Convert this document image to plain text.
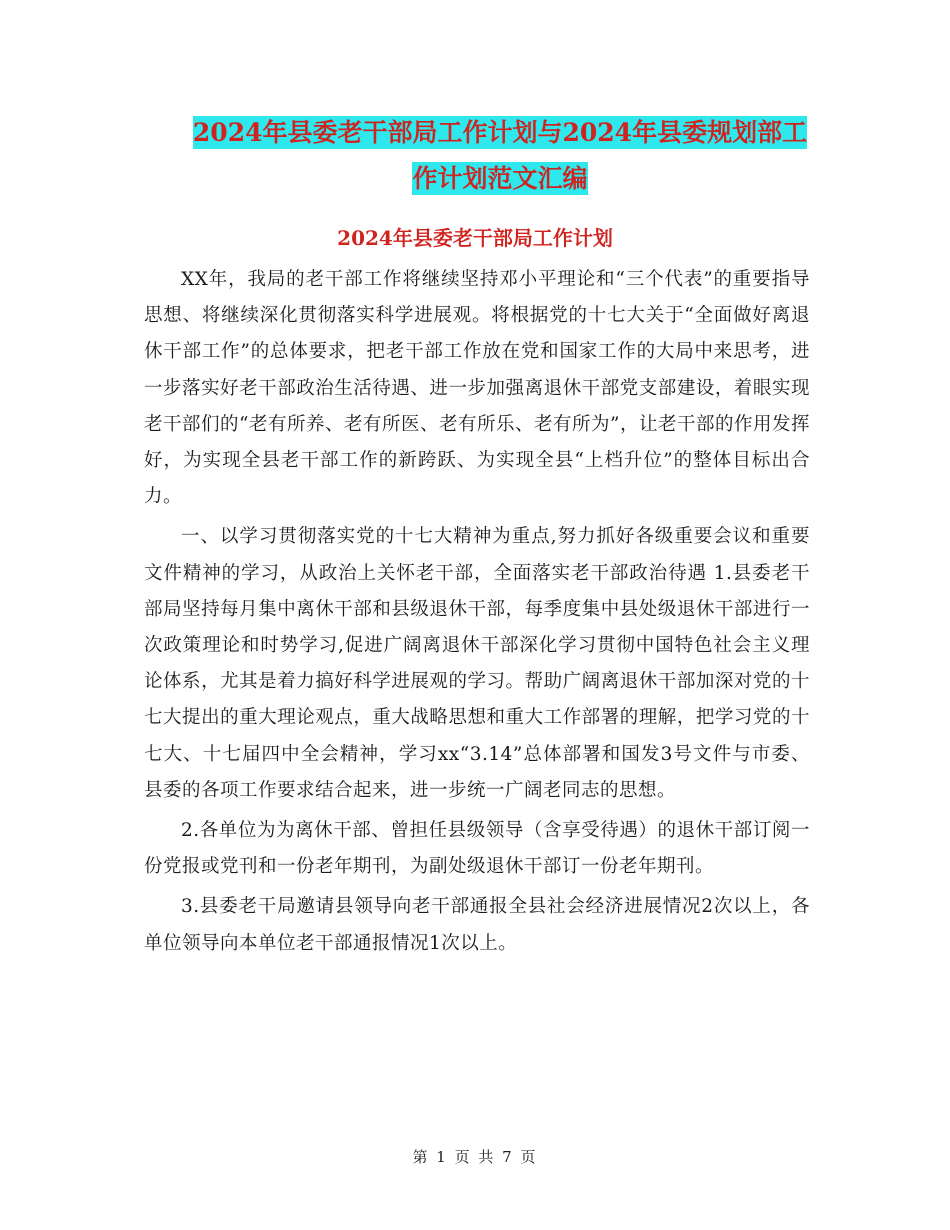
2024年县委老干部局工作计划与2024年县委规划部工
作计划范文汇编
2024年县委老干部局工作计划

XX年，我局的老干部工作将继续坚持邓小平理论和“三个代表”的重要指导思想、将继续深化贯彻落实科学进展观。将根据党的十七大关于“全面做好离退休干部工作”的总体要求，把老干部工作放在党和国家工作的大局中来思考，进一步落实好老干部政治生活待遇、进一步加强离退休干部党支部建设，着眼实现老干部们的“老有所养、老有所医、老有所乐、老有所为”，让老干部的作用发挥好，为实现全县老干部工作的新跨跃、为实现全县“上档升位”的整体目标出合力。

一、以学习贯彻落实党的十七大精神为重点,努力抓好各级重要会议和重要文件精神的学习，从政治上关怀老干部，全面落实老干部政治待遇 1.县委老干部局坚持每月集中离休干部和县级退休干部，每季度集中县处级退休干部进行一次政策理论和时势学习,促进广阔离退休干部深化学习贯彻中国特色社会主义理论体系，尤其是着力搞好科学进展观的学习。帮助广阔离退休干部加深对党的十七大提出的重大理论观点，重大战略思想和重大工作部署的理解，把学习党的十七大、十七届四中全会精神，学习xx“3.14”总体部署和国发3号文件与市委、县委的各项工作要求结合起来，进一步统一广阔老同志的思想。

2.各单位为为离休干部、曾担任县级领导（含享受待遇）的退休干部订阅一份党报或党刊和一份老年期刊，为副处级退休干部订一份老年期刊。

3.县委老干局邀请县领导向老干部通报全县社会经济进展情况2次以上，各单位领导向本单位老干部通报情况1次以上。

第 1 页 共 7 页
